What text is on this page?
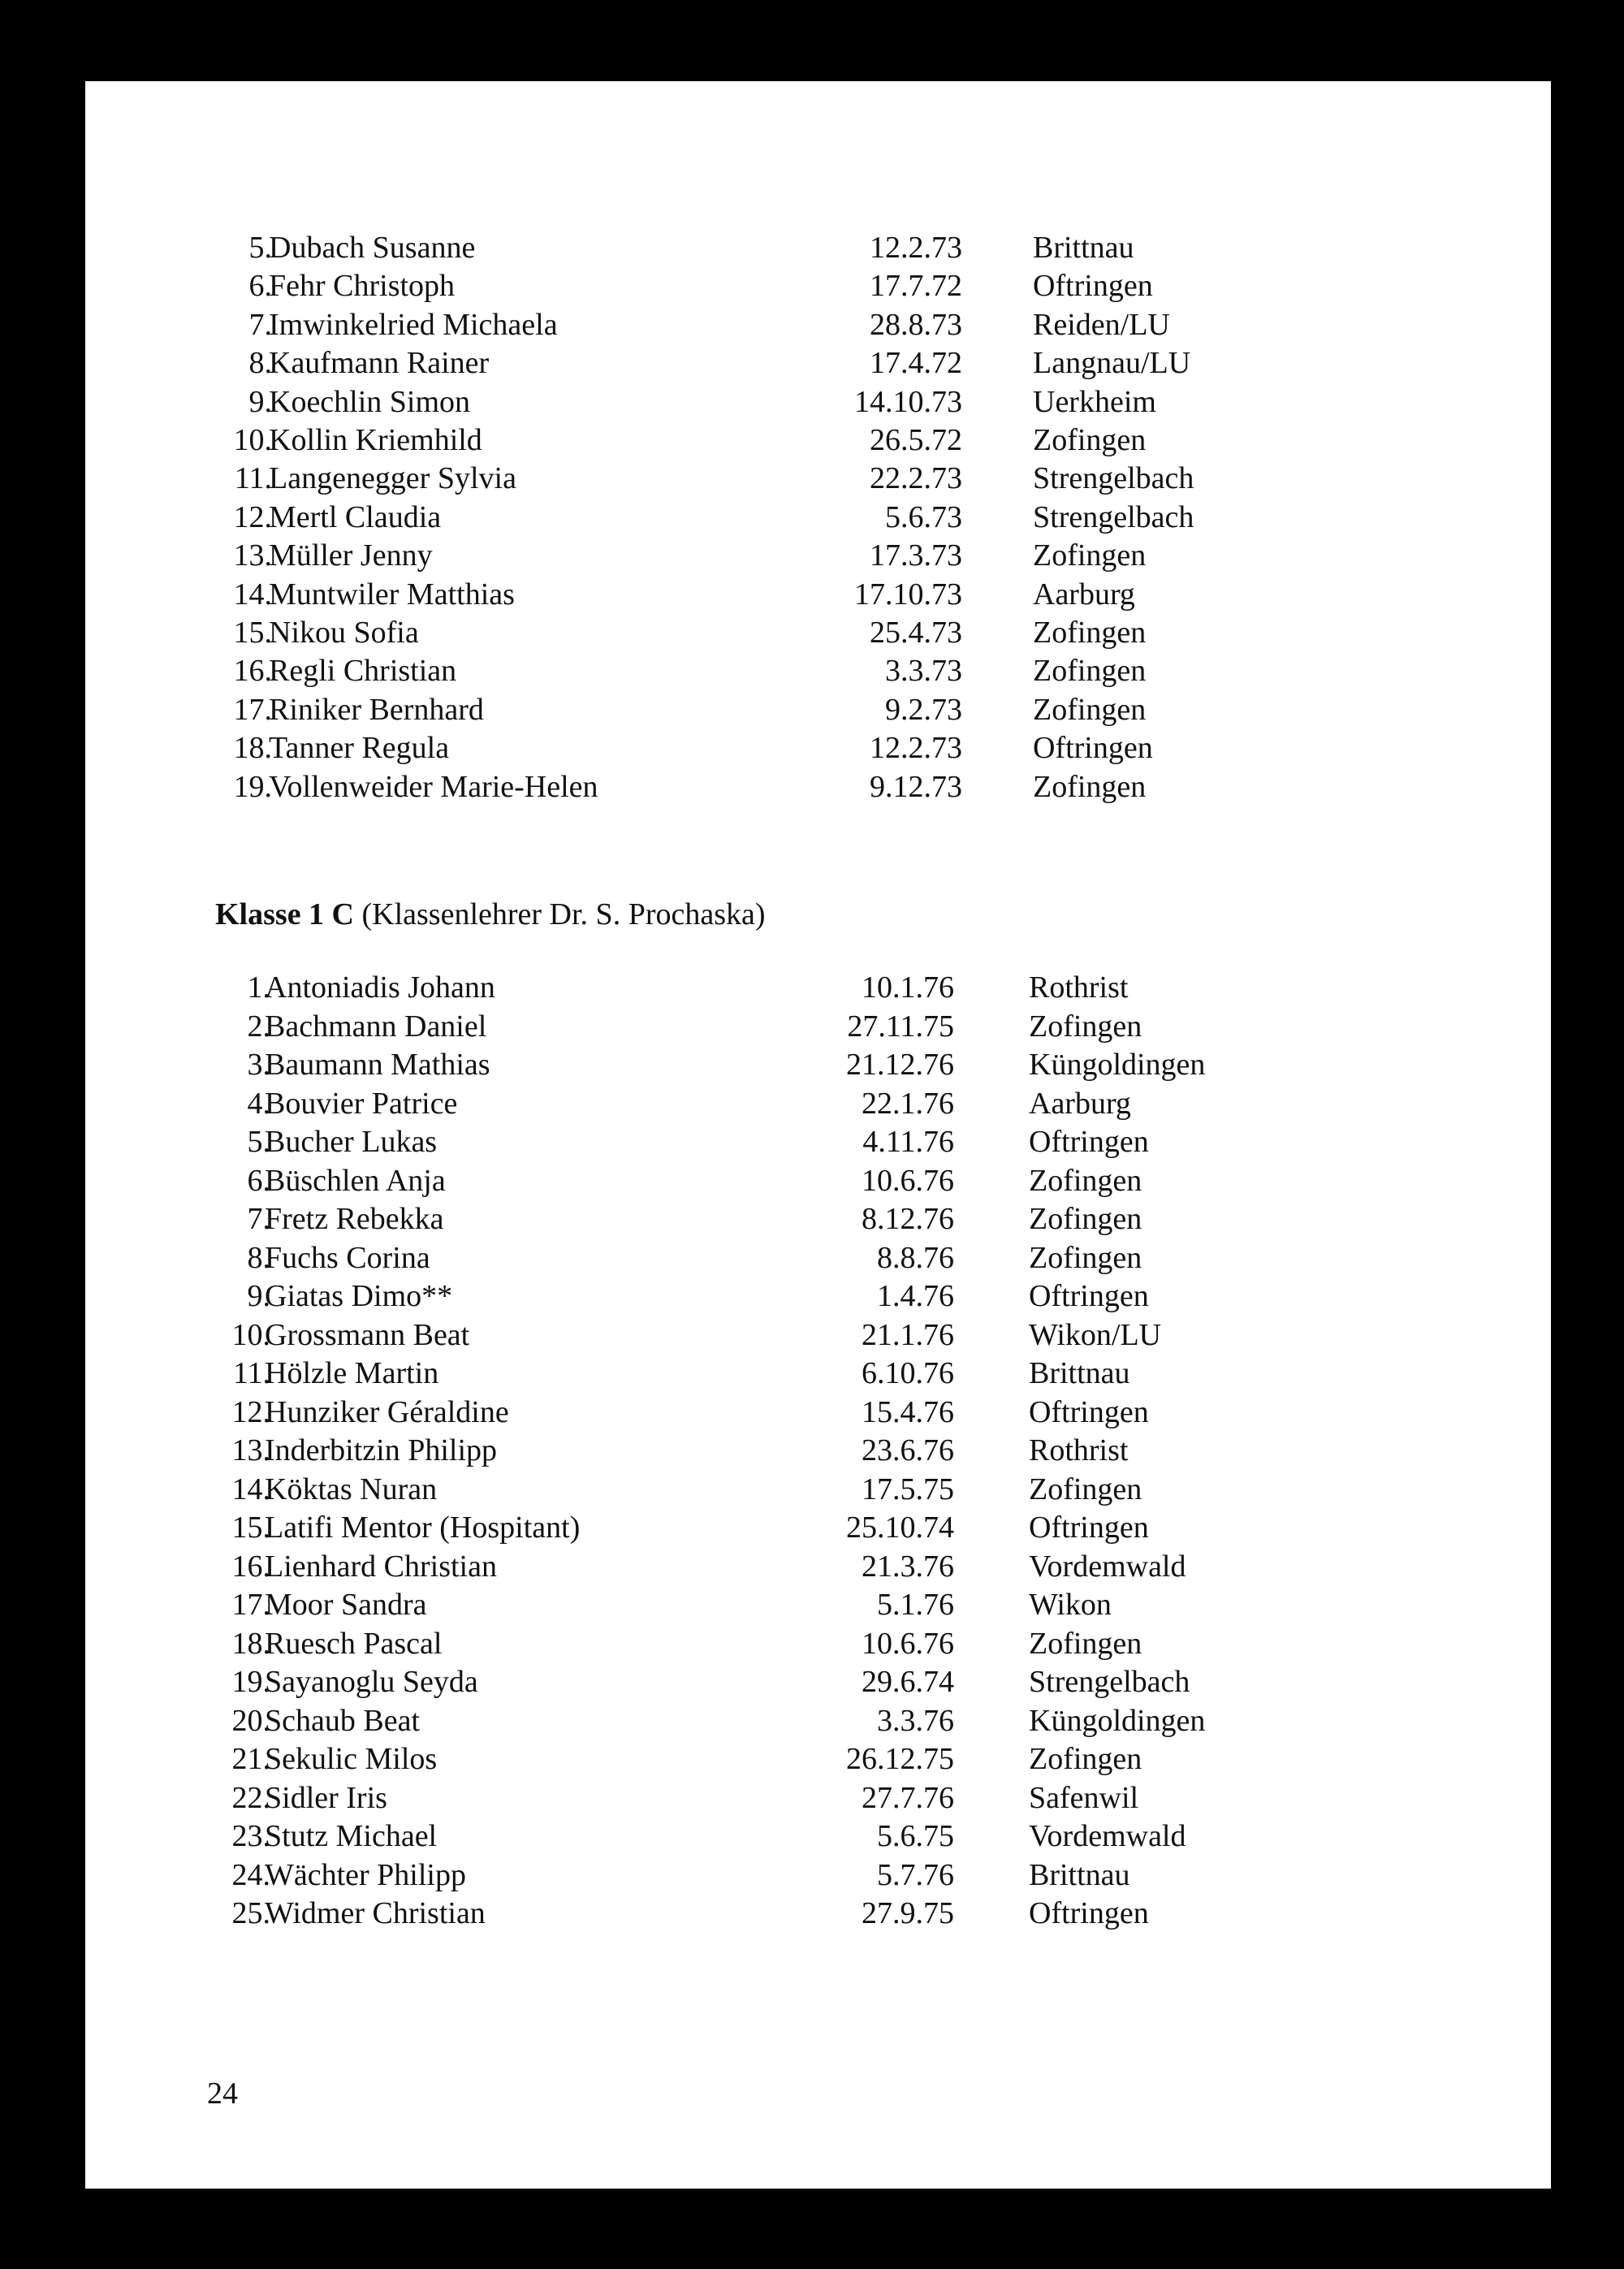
5.
Dubach Susanne	12.2.73 Brittnau
6.
Fehr Christoph	17.7.72 Oftringen
7.
Imwinkelried Michaela	28.8.73 Reiden/LU
8.
Kaufmann Rainer	17.4.72 Langnau/LU
9.
Koechlin Simon	14.10.73 Uerkheim
10.
Kollin Kriemhild	26.5.72 Zofingen
11.
Langenegger Sylvia	22.2.73 Strengelbach
12.
Mertl Claudia	5.6.73 Strengelbach
13.
Müller Jenny	17.3.73 Zofingen
14.
Muntwiler Matthias	17.10.73 Aarburg
15.
Nikou Sofia	25.4.73 Zofingen
16.
Regli Christian	3.3.73 Zofingen
17.
Riniker Bernhard	9.2.73 Zofingen
18.
Tanner Regula	12.2.73 Oftringen
19.
Vollenweider Marie-Helen	9.12.73 Zofingen
Klasse 1 C (Klassenlehrer Dr. S. Prochaska)
1.
Antoniadis Johann	10.1.76 Rothrist
2.
Bachmann Daniel	27.11.75 Zofingen
3.
Baumann Mathias	21.12.76 Küngoldingen
4.
Bouvier Patrice	22.1.76 Aarburg
5.
Bucher Lukas	4.11.76 Oftringen
6.
Büschlen Anja	10.6.76 Zofingen
7.
Fretz Rebekka	8.12.76 Zofingen
8.
Fuchs Corina	8.8.76 Zofingen
9.
Giatas Dimo**	1.4.76 Oftringen
10.
Grossmann Beat	21.1.76 Wikon/LU
11.
Hölzle Martin	6.10.76 Brittnau
12.
Hunziker Géraldine	15.4.76 Oftringen
13.
Inderbitzin Philipp	23.6.76 Rothrist
14.
Köktas Nuran	17.5.75 Zofingen
15.
Latifi Mentor (Hospitant)	25.10.74 Oftringen
16.
Lienhard Christian	21.3.76 Vordemwald
17.
Moor Sandra	5.1.76 Wikon
18.
Ruesch Pascal	10.6.76 Zofingen
19.
Sayanoglu Seyda	29.6.74 Strengelbach
20.
Schaub Beat	3.3.76 Küngoldingen
21.
Sekulic Milos	26.12.75 Zofingen
22.
Sidler Iris	27.7.76 Safenwil
23.
Stutz Michael	5.6.75 Vordemwald
24.
Wächter Philipp	5.7.76 Brittnau
25.
Widmer Christian	27.9.75 Oftringen
24
